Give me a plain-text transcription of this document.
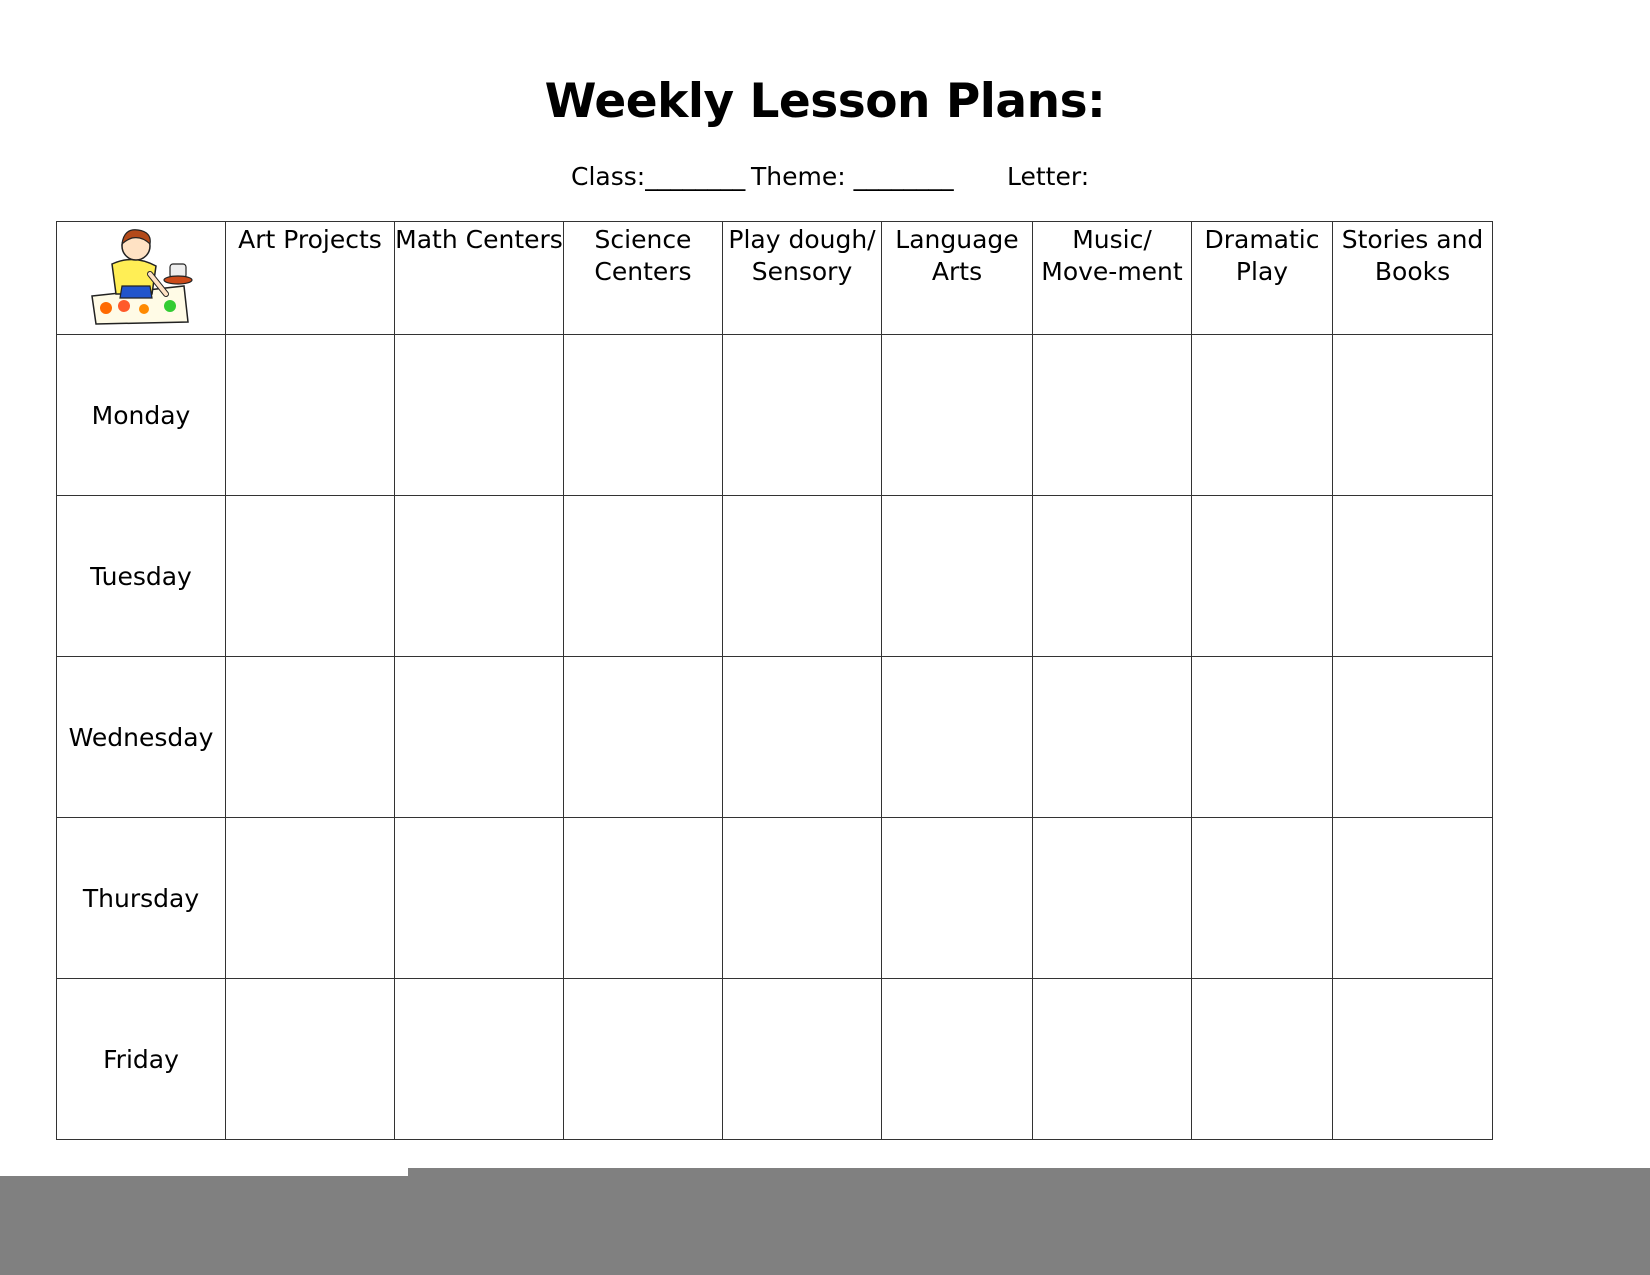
Weekly Lesson Plans:
Class:________ Theme: ________ Letter:
	Art Projects	Math Centers	Science Centers	Play dough/ Sensory	Language Arts	Music/ Move-ment	Dramatic Play	Stories and Books
Monday								
Tuesday								
Wednesday								
Thursday								
Friday								
